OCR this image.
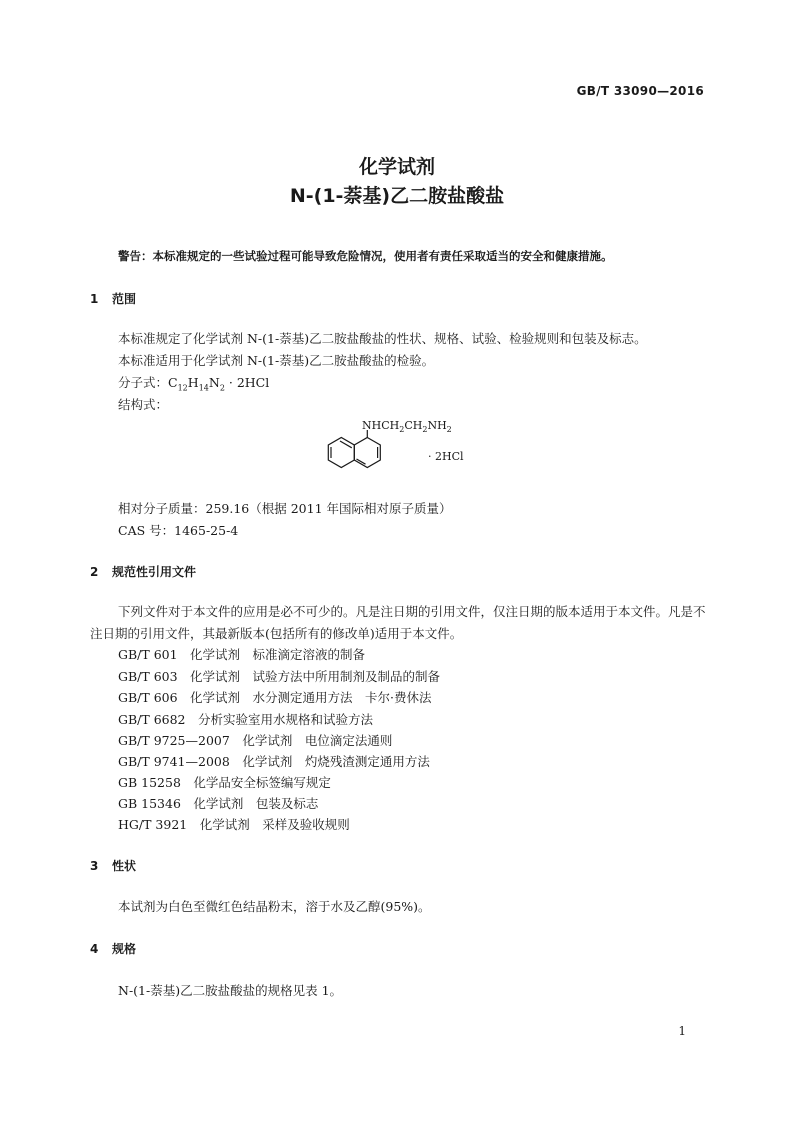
GB/T 33090—2016
化学试剂
N-(1-萘基)乙二胺盐酸盐
警告：本标准规定的一些试验过程可能导致危险情况，使用者有责任采取适当的安全和健康措施。
1 范围
本标准规定了化学试剂 N-(1-萘基)乙二胺盐酸盐的性状、规格、试验、检验规则和包装及标志。
本标准适用于化学试剂 N-(1-萘基)乙二胺盐酸盐的检验。
分子式：$C_{12}H_{14}N_2 \cdot 2HCl$
结构式：
$NHCH_2CH_2NH_2$
· 2HCl
相对分子质量：259.16（根据 2011 年国际相对原子质量）
CAS 号：1465-25-4
2 规范性引用文件
下列文件对于本文件的应用是必不可少的。凡是注日期的引用文件，仅注日期的版本适用于本文件。凡是不注日期的引用文件，其最新版本(包括所有的修改单)适用于本文件。
GB/T 601　化学试剂　标准滴定溶液的制备
GB/T 603　化学试剂　试验方法中所用制剂及制品的制备
GB/T 606　化学试剂　水分测定通用方法　卡尔·费休法
GB/T 6682　分析实验室用水规格和试验方法
GB/T 9725—2007　化学试剂　电位滴定法通则
GB/T 9741—2008　化学试剂　灼烧残渣测定通用方法
GB 15258　化学品安全标签编写规定
GB 15346　化学试剂　包装及标志
HG/T 3921　化学试剂　采样及验收规则
3 性状
本试剂为白色至微红色结晶粉末，溶于水及乙醇(95%)。
4 规格
N-(1-萘基)乙二胺盐酸盐的规格见表 1。
1
